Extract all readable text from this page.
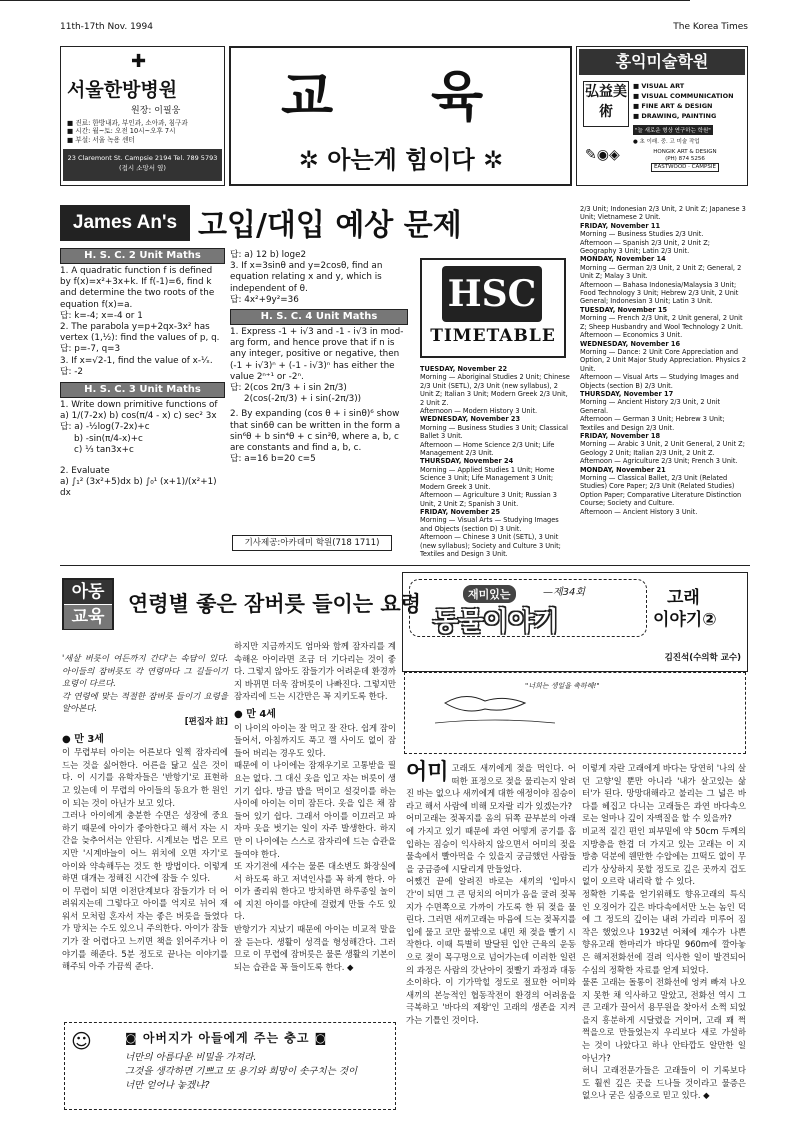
11th-17th Nov. 1994	The Korea Times
✚
서울한방병원
원장: 이필웅
■ 진료: 한방내과, 부인과, 소아과, 침구과
■ 시간: 월~토: 오전 10시~오후 7시
■ 부설: 서울 녹용 센터
23 Claremont St. Campsie 2194 Tel. 789 5793
(접시 소망서 옆)
교 육
✲ 아는게 힘이다 ✲
홍익미술학원
弘益美術
■ VISUAL ART
■ VISUAL COMMUNICATION
■ FINE ART & DESIGN
■ DRAWING, PAINTING
"늘 새로운 형상 연구하는 학원"
● 초 이래. 중. 고 미술 작업
✎◉◈	HONGIK ART & DESIGN
(PH) 874 5256
EASTWOOD · CAMPSIE
James An's 고입/대입 예상 문제
H. S. C. 2 Unit Maths
1. A quadratic function f is defined by f(x)=x²+3x+k. If f(-1)=6, find k and determine the two roots of the equation f(x)=a.
답: k=-4; x=-4 or 1
2. The parabola y=p+2qx-3x² has vertex (1,½): find the values of p, q.
답: p=-7, q=3
3. If x=√2-1, find the value of x-¹⁄ₓ.
답: -2
H. S. C. 3 Unit Maths
1. Write down primitive functions of
a) 1/(7-2x) b) cos(π/4 - x) c) sec² 3x
답: a) -½log(7-2x)+c
b) -sin(π/4-x)+c
c) ⅓ tan3x+c
2. Evaluate
a) ∫₁² (3x²+5)dx b) ∫₀¹ (x+1)/(x²+1) dx
답: a) 12 b) loge2
3. If x=3sinθ and y=2cosθ, find an equation relating x and y, which is independent of θ.
답: 4x²+9y²=36
H. S. C. 4 Unit Maths
1. Express -1 + i√3 and -1 - i√3 in mod-arg form, and hence prove that if n is any integer, positive or negative, then (-1 + i√3)ⁿ + (-1 - i√3)ⁿ has either the value 2ⁿ⁺¹ or -2ⁿ.
답: 2(cos 2π/3 + i sin 2π/3)
2(cos(-2π/3) + i sin(-2π/3))
2. By expanding (cos θ + i sinθ)⁶ show that sin6θ can be written in the form a sin⁶θ + b sin⁴θ + c sin²θ, where a, b, c are constants and find a, b, c.
답: a=16 b=20 c=5
기사제공:아카데미 학원(718 1711)
HSC
TIMETABLE
TUESDAY, November 22
Morning — Aboriginal Studies 2 Unit; Chinese 2/3 Unit (SETL), 2/3 Unit (new syllabus), 2 Unit Z; Italian 3 Unit; Modern Greek 2/3 Unit, 2 Unit Z.
Afternoon — Modern History 3 Unit.
WEDNESDAY, November 23
Morning — Business Studies 3 Unit; Classical Ballet 3 Unit.
Afternoon — Home Science 2/3 Unit; Life Management 2/3 Unit.
THURSDAY, November 24
Morning — Applied Studies 1 Unit; Home Science 3 Unit; Life Management 3 Unit; Modern Greek 3 Unit.
Afternoon — Agriculture 3 Unit; Russian 3 Unit, 2 Unit Z; Spanish 3 Unit.
FRIDAY, November 25
Morning — Visual Arts — Studying Images and Objects (section D) 3 Unit.
Afternoon — Chinese 3 Unit (SETL), 3 Unit (new syllabus); Society and Culture 3 Unit; Textiles and Design 3 Unit.
2/3 Unit; Indonesian 2/3 Unit, 2 Unit Z; Japanese 3 Unit; Vietnamese 2 Unit.
FRIDAY, November 11
Morning — Business Studies 2/3 Unit.
Afternoon — Spanish 2/3 Unit, 2 Unit Z; Geography 3 Unit; Latin 2/3 Unit.
MONDAY, November 14
Morning — German 2/3 Unit, 2 Unit Z; General, 2 Unit Z; Malay 3 Unit.
Afternoon — Bahasa Indonesia/Malaysia 3 Unit; Food Technology 3 Unit; Hebrew 2/3 Unit, 2 Unit General; Indonesian 3 Unit; Latin 3 Unit.
TUESDAY, November 15
Morning — French 2/3 Unit, 2 Unit general, 2 Unit Z; Sheep Husbandry and Wool Technology 2 Unit.
Afternoon — Economics 3 Unit.
WEDNESDAY, November 16
Morning — Dance: 2 Unit Core Appreciation and Option, 2 Unit Major Study Appreciation. Physics 2 Unit.
Afternoon — Visual Arts — Studying Images and Objects (section B) 2/3 Unit.
THURSDAY, November 17
Morning — Ancient History 2/3 Unit, 2 Unit General.
Afternoon — German 3 Unit; Hebrew 3 Unit; Textiles and Design 2/3 Unit.
FRIDAY, November 18
Morning — Arabic 3 Unit, 2 Unit General, 2 Unit Z; Geology 2 Unit; Italian 2/3 Unit, 2 Unit Z.
Afternoon — Agriculture 2/3 Unit; French 3 Unit.
MONDAY, November 21
Morning — Classical Ballet, 2/3 Unit (Related Studies) Core Paper; 2/3 Unit (Related Studies) Option Paper; Comparative Literature Distinction Course; Society and Culture.
Afternoon — Ancient History 3 Unit.
아동
교육
연령별 좋은 잠버릇 들이는 요령
'세살 버릇이 여든까지 간다'는 속담이 있다. 아이들의 잠버릇도 각 연령마다 그 길들이기 요령이 다르다.
각 연령에 맞는 적절한 잠버릇 들이기 요령을 알아본다.
[편집자 註]
● 만 3세
이 무렵부터 아이는 어른보다 일찍 잠자리에 드는 것을 싫어한다. 어른을 닮고 싶은 것이다. 이 시기를 유학자들은 '반항기'로 표현하고 있는데 이 무렵의 아이들의 동요가 한 원인이 되는 것이 아닌가 보고 있다.
그러나 아이에게 충분한 수면은 성장에 중요하기 때문에 아이가 좋아한다고 해서 자는 시간을 늦추어서는 안된다. 시계보는 법은 모르지만 '시계바늘이 어느 위치에 오면 자기'로 아이와 약속해두는 것도 한 방법이다. 이렇게 하면 대개는 정해진 시간에 잠들 수 있다.
이 무렵이 되면 이전단계보다 잠들기가 더 어려워지는데 그렇다고 아이를 억지로 뉘어 재워서 모처럼 혼자서 자는 좋은 버릇을 들였다가 망치는 수도 있으니 주의한다. 아이가 잠들기가 잘 어렵다고 느끼면 책을 읽어주거나 이야기를 해준다. 5분 정도로 끝나는 이야기를 해주되 아주 가끔씩 준다.
하지만 지금까지도 엄마와 함께 잠자리를 계속해온 아이라면 조금 더 기다리는 것이 좋다. 그렇지 않아도 잠들기가 어려운데 환경까지 바뀌면 더욱 잠버릇이 나빠진다. 그렇지만 잠자리에 드는 시간만은 꼭 지키도록 한다.
● 만 4세
이 나이의 아이는 잘 먹고 잘 잔다. 쉽게 잠이 들어서, 아침까지도 푹고 깰 사이도 없이 잠들어 버리는 경우도 있다.
때문에 이 나이에는 잠재우기로 고통받을 필요는 없다. 그 대신 옷을 입고 자는 버릇이 생기기 쉽다. 방금 밥을 먹이고 설겆이를 하는 사이에 아이는 이미 잠든다. 옷을 입은 채 잠들어 있기 쉽다. 그래서 아이를 이끄러고 파자마 옷을 벗기는 일이 자주 발생한다. 하지만 이 나이에는 스스로 잠자리에 드는 습관을 들여야 한다.
또 자기전에 세수는 물론 대소변도 화장실에서 하도록 하고 저녁인사를 꼭 하게 한다. 아이가 졸리워 한다고 방치하면 하루종일 놀이에 지친 아이를 야단에 걸렸게 만들 수도 있다.
반항기가 지났기 때문에 아이는 비교적 말을 잘 듣는다. 생활이 성격을 형성해간다. 그러므로 이 무렵에 잠버릇은 물론 생활의 기본이 되는 습관을 꼭 들이도록 한다. ◆
☺	◙ 아버지가 아들에게 주는 충고 ◙
너만의 아름다운 비밀을 가져라.
그것을 생각하면 기쁘고 또 용기와 희망이 솟구치는 것이
너만 얻어나 놓겠냐?
재미있는	—제34회
동물이야기
고래
이야기②
김진석(수의학 교수)
"너희는 생일을 축하해!"
어미 고래도 새끼에게 젖을 먹인다. 어떠한 표정으로 젖을 물리는지 알려진 바는 없으나 새끼에게 대한 애정이야 짐승이라고 해서 사람에 비해 모자랄 리가 있겠는가?
어미고래는 젖꼭지를 옴의 뒤쪽 끝부분의 아래에 가지고 있기 때문에 과연 어떻게 공기를 흡입하는 짐승이 익사하지 않으면서 어미의 젖을 물속에서 빨아먹을 수 있을지 궁금했던 사람들을 궁금증에 시달리게 만들었다.
어쨌건 끝에 알려진 바로는 새끼의 '입마시간'이 되면 그 큰 덩치의 어미가 옴을 굴려 젖꼭지가 수면쪽으로 가까이 가도록 한 뒤 젖을 물린다. 그러면 새끼고래는 마음에 드는 젖꼭지를 입에 물고 코만 물밖으로 내민 채 젖을 빨기 시작한다. 이때 특별히 발달된 입안 근육의 운동으로 젖이 목구멍으로 넘어가는데 이러한 일련의 과정은 사람의 갓난아이 젖빨기 과정과 대동소이하다. 이 기가막힐 정도로 절묘한 어미와 새끼의 본능적인 협동작전이 환경의 어려움을 극복하고 '바다의 제왕'인 고래의 생존을 지켜가는 기틀인 것이다.
이렇게 자란 고래에게 바다는 당연히 '나의 살던 고향'일 뿐만 아니라 '내가 살고있는 삶터'가 된다. 망망대해라고 불리는 그 넓은 바다를 헤집고 다니는 고래들은 과연 바다속으로는 얼마나 깊이 자맥질을 할 수 있을까?
비교적 짙긴 편인 피부밑에 약 50cm 두께의 지방층을 한겹 더 가지고 있는 고래는 이 지방층 덕분에 웬만한 수압에는 끄떡도 없이 무리가 상상하지 못할 정도로 깊은 곳까지 겁도 없이 오르락 내리락 할 수 있다.
정확한 기록을 얻기위해도 향유고래의 특식인 오징어가 깊은 바다속에서만 노는 놈인 덕에 그 정도의 깊이는 내려 가리라 미루어 짐작은 했었으나 1932년 어체에 재수가 나쁜 향유고래 한마리가 바다밑 960m에 깔아놓은 해저전화선에 걸려 익사한 일이 발견되어 수심의 정확한 자료를 얻게 되었다.
물론 고래는 돌통이 전화선에 엉켜 빠져 나오지 못한 채 익사하고 말았고, 전화선 역시 그 큰 고래가 끌어서 용무원을 찾아서 소쩍 되었을지 흥분하게 시달렸을 거이며, 고래 꽤 쩍쩍을으로 만들었는지 우리보다 새로 가설하는 것이 나았다고 하나 안타깝도 알만한 일 아닌가?
허니 고래전문가들은 고래들이 이 기록보다도 훨씬 깊은 곳을 드나들 것이라고 물증은 없으나 굳은 심증으로 믿고 있다. ◆
